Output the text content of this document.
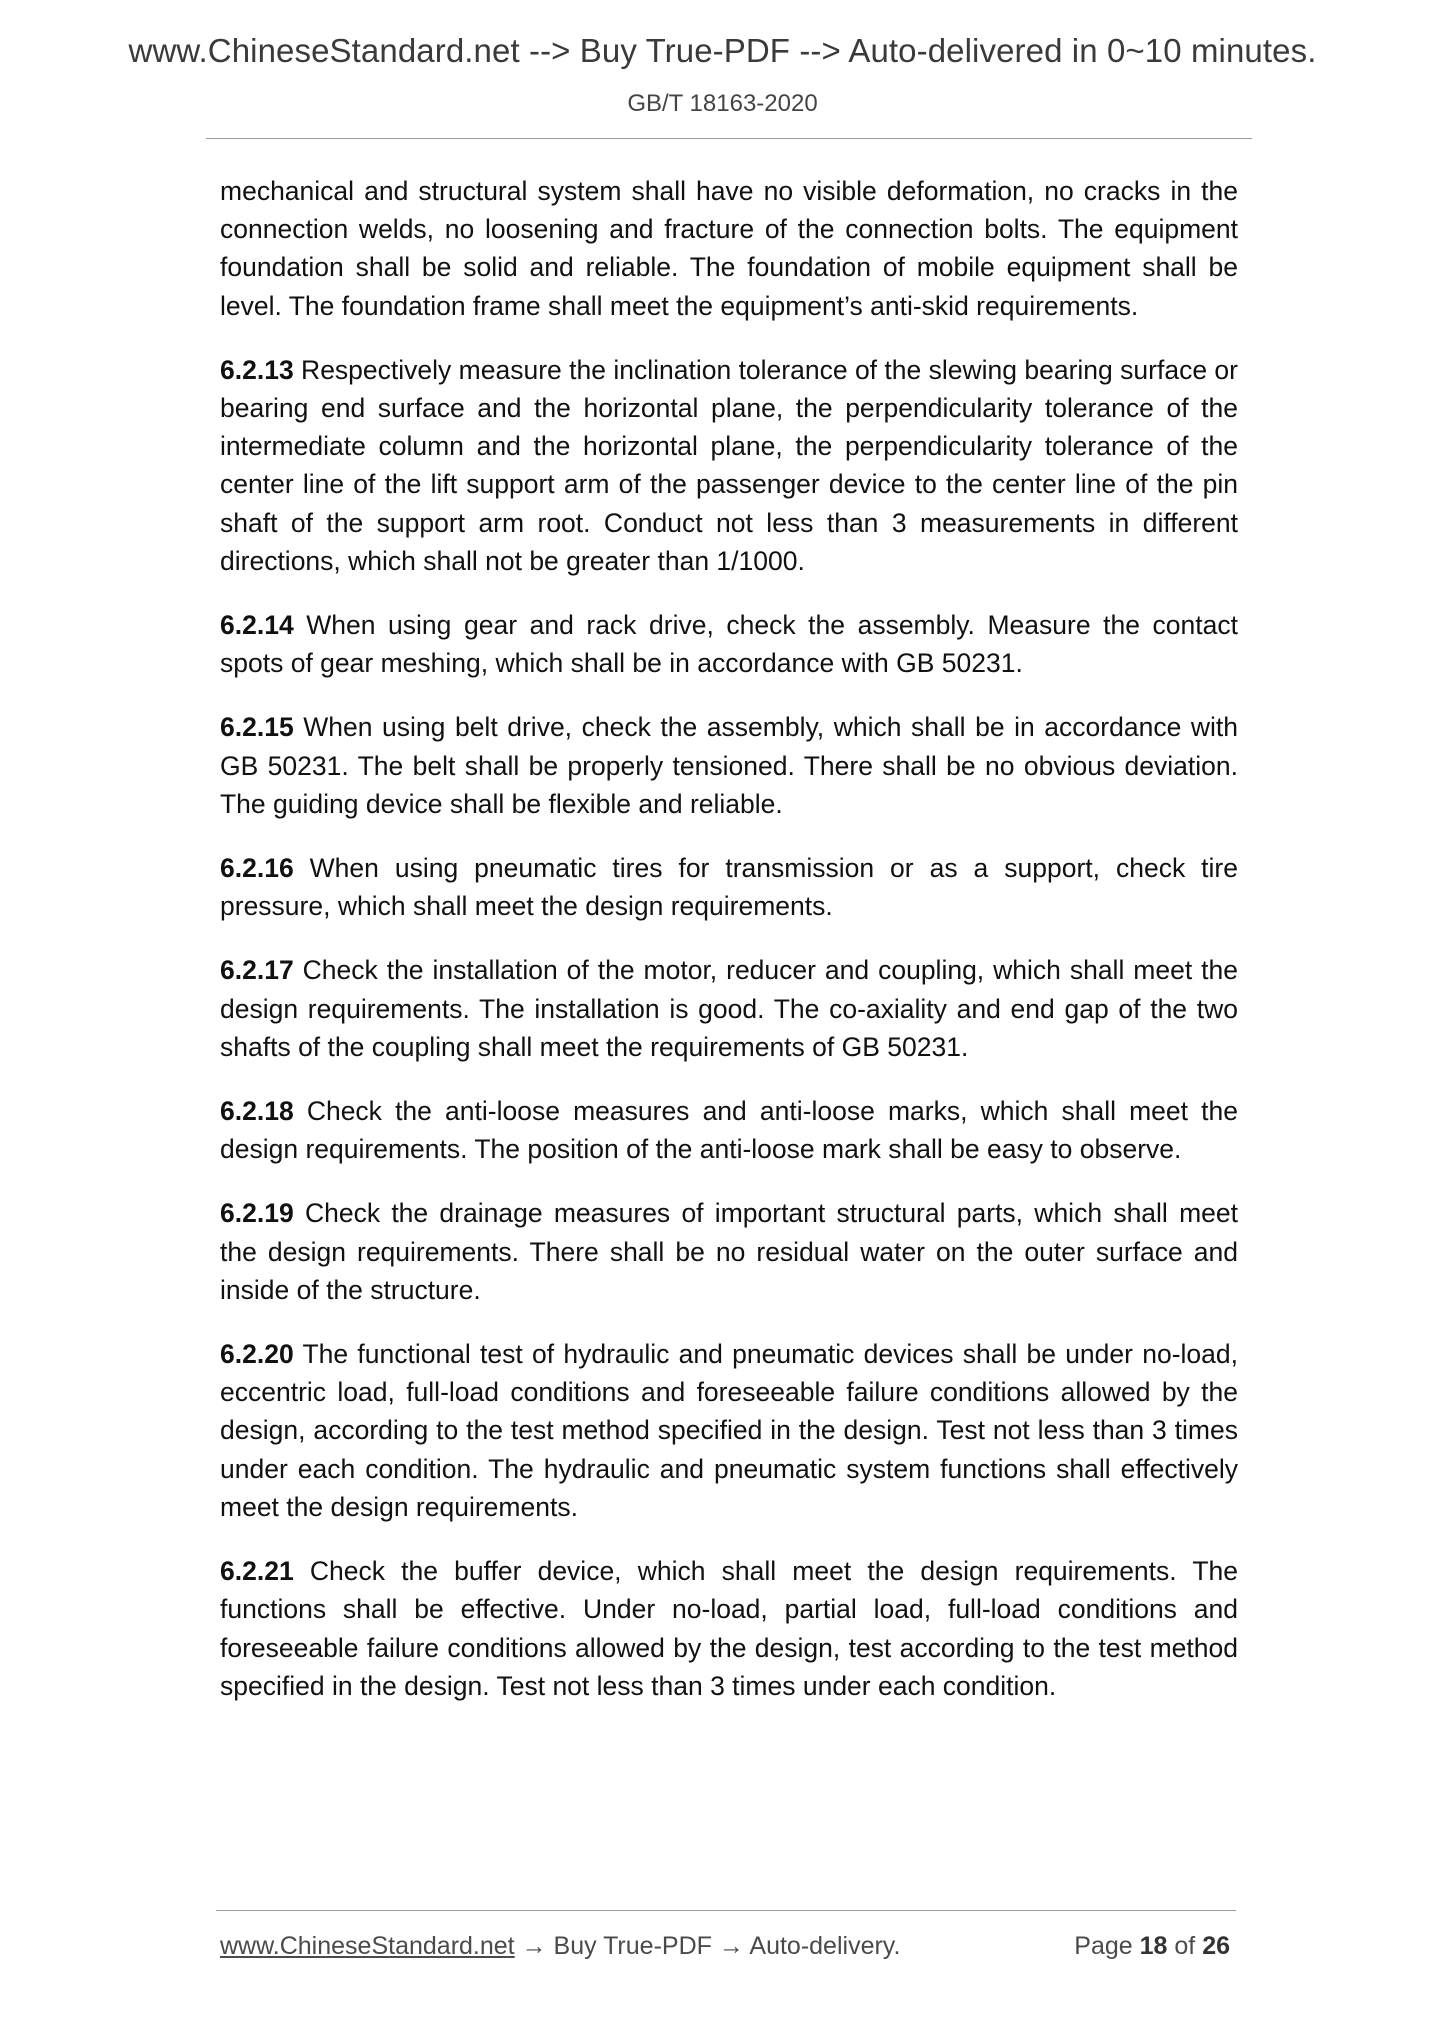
www.ChineseStandard.net --> Buy True-PDF --> Auto-delivered in 0~10 minutes.
GB/T 18163-2020

mechanical and structural system shall have no visible deformation, no cracks in the connection welds, no loosening and fracture of the connection bolts. The equipment foundation shall be solid and reliable. The foundation of mobile equipment shall be level. The foundation frame shall meet the equipment’s anti-skid requirements.

6.2.13 Respectively measure the inclination tolerance of the slewing bearing surface or bearing end surface and the horizontal plane, the perpendicularity tolerance of the intermediate column and the horizontal plane, the perpendicularity tolerance of the center line of the lift support arm of the passenger device to the center line of the pin shaft of the support arm root. Conduct not less than 3 measurements in different directions, which shall not be greater than 1/1000.

6.2.14 When using gear and rack drive, check the assembly. Measure the contact spots of gear meshing, which shall be in accordance with GB 50231.

6.2.15 When using belt drive, check the assembly, which shall be in accordance with GB 50231. The belt shall be properly tensioned. There shall be no obvious deviation. The guiding device shall be flexible and reliable.

6.2.16 When using pneumatic tires for transmission or as a support, check tire pressure, which shall meet the design requirements.

6.2.17 Check the installation of the motor, reducer and coupling, which shall meet the design requirements. The installation is good. The co-axiality and end gap of the two shafts of the coupling shall meet the requirements of GB 50231.

6.2.18 Check the anti-loose measures and anti-loose marks, which shall meet the design requirements. The position of the anti-loose mark shall be easy to observe.

6.2.19 Check the drainage measures of important structural parts, which shall meet the design requirements. There shall be no residual water on the outer surface and inside of the structure.

6.2.20 The functional test of hydraulic and pneumatic devices shall be under no-load, eccentric load, full-load conditions and foreseeable failure conditions allowed by the design, according to the test method specified in the design. Test not less than 3 times under each condition. The hydraulic and pneumatic system functions shall effectively meet the design requirements.

6.2.21 Check the buffer device, which shall meet the design requirements. The functions shall be effective. Under no-load, partial load, full-load conditions and foreseeable failure conditions allowed by the design, test according to the test method specified in the design. Test not less than 3 times under each condition.

www.ChineseStandard.net → Buy True-PDF → Auto-delivery.	Page 18 of 26
